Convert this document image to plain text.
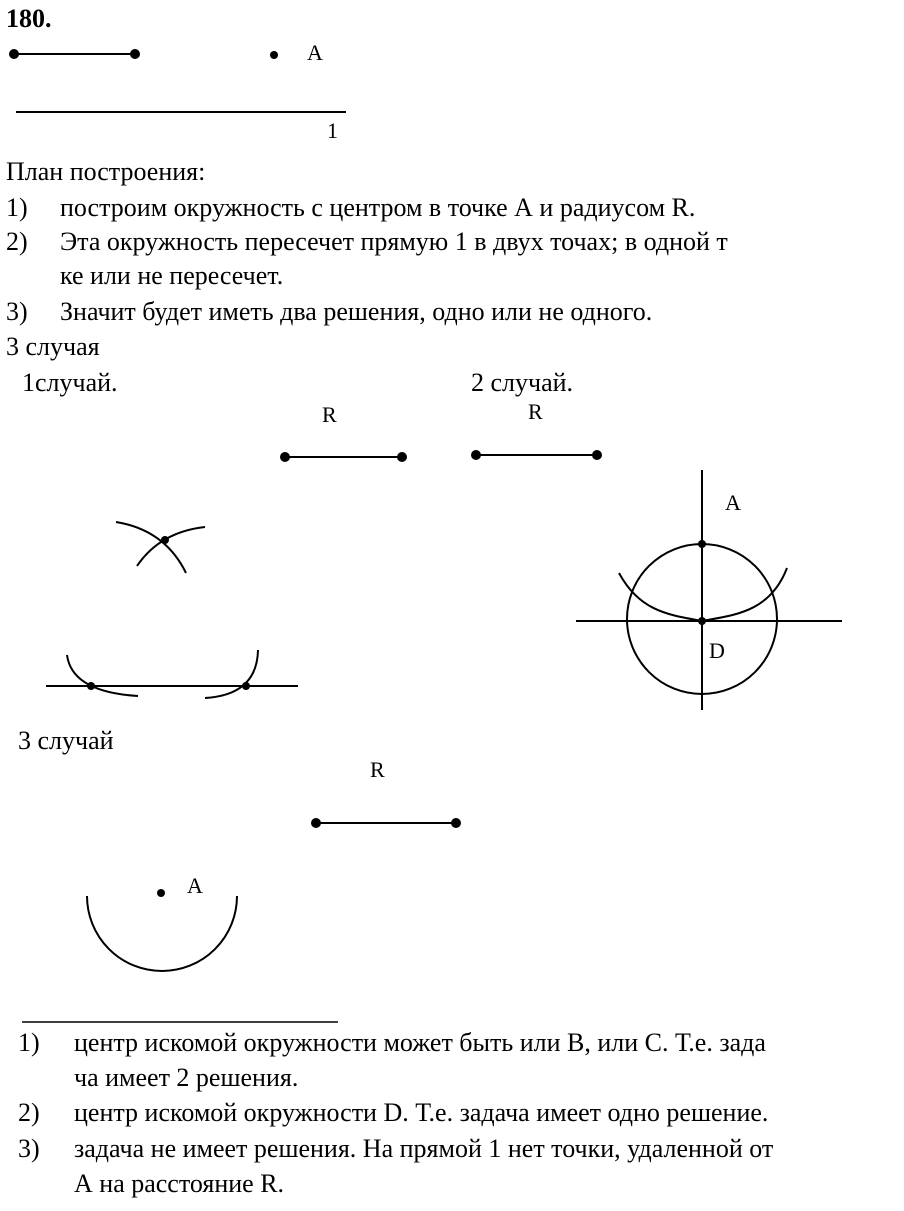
180.
A
1
План построения:
1) построим окружность с центром в точке А и радиусом R.
2) Эта окружность пересечет прямую 1 в двух точах; в одной т
ке или не пересечет.
3) Значит будет иметь два решения, одно или не одного.
3 случая
1случай.
R
2 случай.
R
A
D
3 случай
R
A
1) центр искомой окружности может быть или B, или C. Т.е. зада
ча имеет 2 решения.
2) центр искомой окружности D. Т.е. задача имеет одно решение.
3) задача не имеет решения. На прямой 1 нет точки, удаленной от
А на расстояние R.
